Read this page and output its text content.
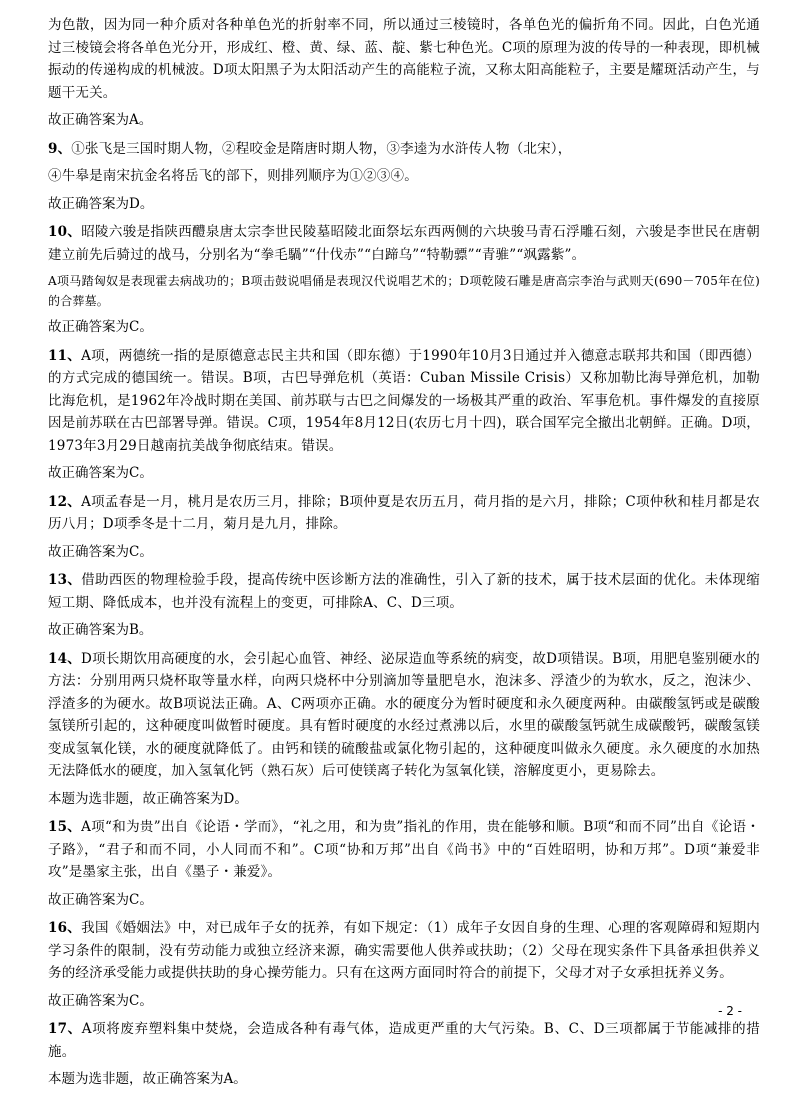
为色散，因为同一种介质对各种单色光的折射率不同，所以通过三棱镜时，各单色光的偏折角不同。因此，白色光通过三棱镜会将各单色光分开，形成红、橙、黄、绿、蓝、靛、紫七种色光。C项的原理为波的传导的一种表现，即机械振动的传递构成的机械波。D项太阳黑子为太阳活动产生的高能粒子流，又称太阳高能粒子，主要是耀斑活动产生，与题干无关。

故正确答案为A。

9、①张飞是三国时期人物，②程咬金是隋唐时期人物，③李逵为水浒传人物（北宋），

④牛皋是南宋抗金名将岳飞的部下，则排列顺序为①②③④。

故正确答案为D。

10、昭陵六骏是指陕西醴泉唐太宗李世民陵墓昭陵北面祭坛东西两侧的六块骏马青石浮雕石刻，六骏是李世民在唐朝建立前先后骑过的战马，分别名为“拳毛騧”“什伐赤”“白蹄乌”“特勒骠”“青骓”“飒露紫”。

A项马踏匈奴是表现霍去病战功的；B项击鼓说唱俑是表现汉代说唱艺术的；D项乾陵石雕是唐高宗李治与武则天(690－705年在位)的合葬墓。

故正确答案为C。

11、A项，两德统一指的是原德意志民主共和国（即东德）于1990年10月3日通过并入德意志联邦共和国（即西德）的方式完成的德国统一。错误。B项，古巴导弹危机（英语：Cuban Missile Crisis）又称加勒比海导弹危机，加勒比海危机，是1962年冷战时期在美国、前苏联与古巴之间爆发的一场极其严重的政治、军事危机。事件爆发的直接原因是前苏联在古巴部署导弹。错误。C项，1954年8月12日(农历七月十四)，联合国军完全撤出北朝鲜。正确。D项，1973年3月29日越南抗美战争彻底结束。错误。

故正确答案为C。

12、A项孟春是一月，桃月是农历三月，排除；B项仲夏是农历五月，荷月指的是六月，排除；C项仲秋和桂月都是农历八月；D项季冬是十二月，菊月是九月，排除。

故正确答案为C。

13、借助西医的物理检验手段，提高传统中医诊断方法的准确性，引入了新的技术，属于技术层面的优化。未体现缩短工期、降低成本，也并没有流程上的变更，可排除A、C、D三项。

故正确答案为B。

14、D项长期饮用高硬度的水，会引起心血管、神经、泌尿造血等系统的病变，故D项错误。B项，用肥皂鉴别硬水的方法：分别用两只烧杯取等量水样，向两只烧杯中分别滴加等量肥皂水，泡沫多、浮渣少的为软水，反之，泡沫少、浮渣多的为硬水。故B项说法正确。A、C两项亦正确。水的硬度分为暂时硬度和永久硬度两种。由碳酸氢钙或是碳酸氢镁所引起的，这种硬度叫做暂时硬度。具有暂时硬度的水经过煮沸以后，水里的碳酸氢钙就生成碳酸钙，碳酸氢镁变成氢氧化镁，水的硬度就降低了。由钙和镁的硫酸盐或氯化物引起的，这种硬度叫做永久硬度。永久硬度的水加热无法降低水的硬度，加入氢氧化钙（熟石灰）后可使镁离子转化为氢氧化镁，溶解度更小，更易除去。

本题为选非题，故正确答案为D。

15、A项“和为贵”出自《论语・学而》，“礼之用，和为贵”指礼的作用，贵在能够和顺。B项“和而不同”出自《论语・子路》，“君子和而不同，小人同而不和”。C项“协和万邦”出自《尚书》中的“百姓昭明，协和万邦”。D项“兼爱非攻”是墨家主张，出自《墨子・兼爱》。

故正确答案为C。

16、我国《婚姻法》中，对已成年子女的抚养，有如下规定：（1）成年子女因自身的生理、心理的客观障碍和短期内学习条件的限制，没有劳动能力或独立经济来源，确实需要他人供养或扶助；（2）父母在现实条件下具备承担供养义务的经济承受能力或提供扶助的身心操劳能力。只有在这两方面同时符合的前提下，父母才对子女承担抚养义务。

故正确答案为C。

17、A项将废弃塑料集中焚烧，会造成各种有毒气体，造成更严重的大气污染。B、C、D三项都属于节能减排的措施。

本题为选非题，故正确答案为A。

- 2 -
